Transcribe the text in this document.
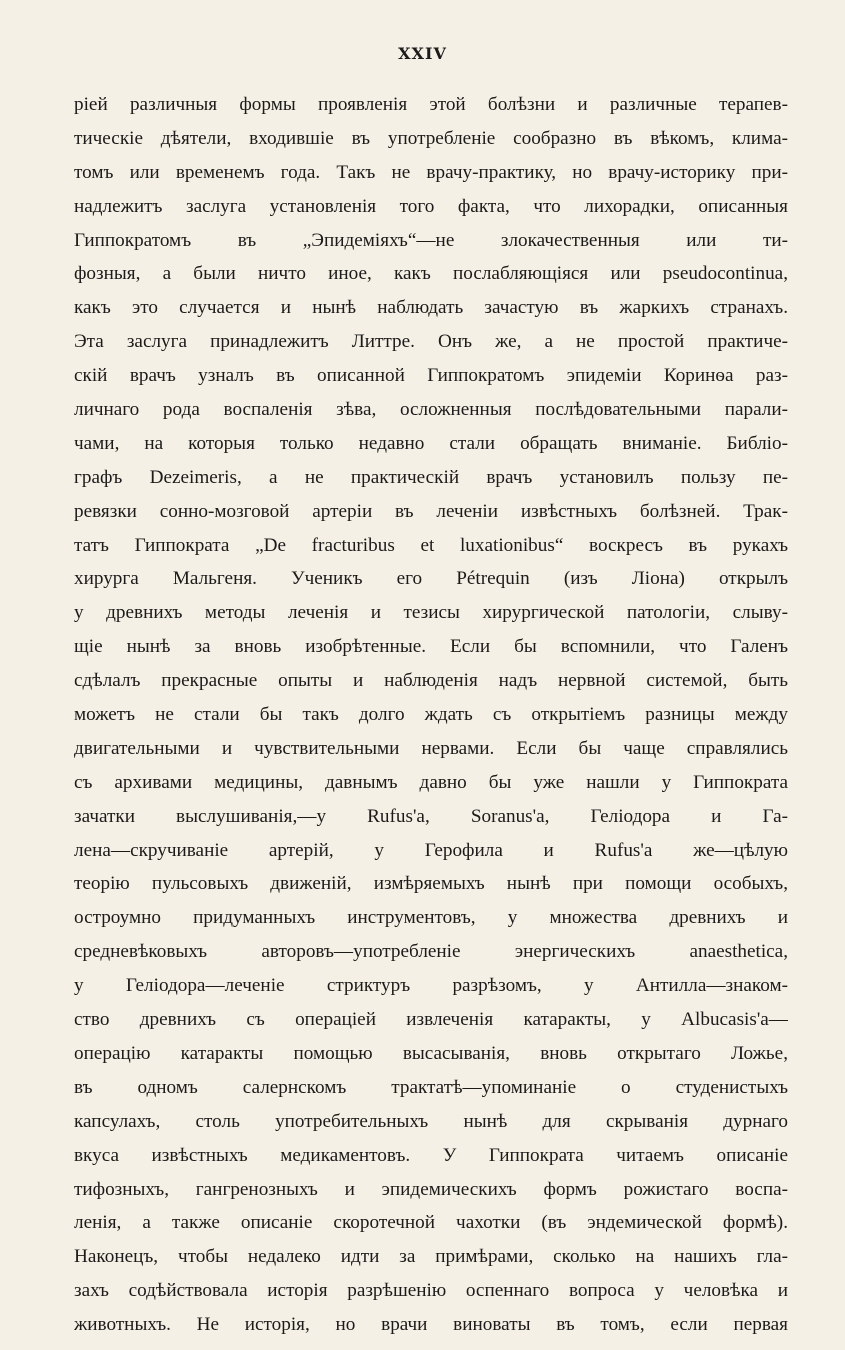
XXIV
ріей различныя формы проявленія этой болѣзни и различные терапев-
тическіе дѣятели, входившіе въ употребленіе сообразно въ вѣкомъ, клима-
томъ или временемъ года. Такъ не врачу-практику, но врачу-историку при-
надлежитъ заслуга установленія того факта, что лихорадки, описанныя
Гиппократомъ въ „Эпидеміяхъ“—не злокачественныя или ти-
фозныя, а были ничто иное, какъ послабляющіяся или pseudocontinua,
какъ это случается и нынѣ наблюдать зачастую въ жаркихъ странахъ.
Эта заслуга принадлежитъ Литтре. Онъ же, а не простой практиче-
скій врачъ узналъ въ описанной Гиппократомъ эпидеміи Коринѳа раз-
личнаго рода воспаленія зѣва, осложненныя послѣдовательными парали-
чами, на которыя только недавно стали обращать вниманіе. Библіо-
графъ Dezeimeris, а не практическій врачъ установилъ пользу пе-
ревязки сонно-мозговой артеріи въ леченіи извѣстныхъ болѣзней. Трак-
татъ Гиппократа „De fracturibus et luxationibus“ воскресъ въ рукахъ
хирурга Мальгеня. Ученикъ его Pétrequin (изъ Ліона) открылъ
у древнихъ методы леченія и тезисы хирургической патологіи, слыву-
щіе нынѣ за вновь изобрѣтенные. Если бы вспомнили, что Галенъ
сдѣлалъ прекрасные опыты и наблюденія надъ нервной системой, быть
можетъ не стали бы такъ долго ждать съ открытіемъ разницы между
двигательными и чувствительными нервами. Если бы чаще справлялись
съ архивами медицины, давнымъ давно бы уже нашли у Гиппократа
зачатки выслушиванія,—у Rufus'а, Soranus'а, Геліодора и Га-
лена—скручиваніе артерій, у Герофила и Rufus'а же—цѣлую
теорію пульсовыхъ движеній, измѣряемыхъ нынѣ при помощи особыхъ,
остроумно придуманныхъ инструментовъ, у множества древнихъ и
средневѣковыхъ авторовъ—употребленіе энергическихъ anaesthetica,
у Геліодора—леченіе стриктуръ разрѣзомъ, у Антилла—знаком-
ство древнихъ съ операціей извлеченія катаракты, у Albucasis'а—
операцію катаракты помощью высасыванія, вновь открытаго Ложье,
въ одномъ салернскомъ трактатѣ—упоминаніе о студенистыхъ
капсулахъ, столь употребительныхъ нынѣ для скрыванія дурнаго
вкуса извѣстныхъ медикаментовъ. У Гиппократа читаемъ описаніе
тифозныхъ, гангренозныхъ и эпидемическихъ формъ рожистаго воспа-
ленія, а также описаніе скоротечной чахотки (въ эндемической формѣ).
Наконецъ, чтобы недалеко идти за примѣрами, сколько на нашихъ гла-
захъ содѣйствовала исторія разрѣшенію оспеннаго вопроса у человѣка и
животныхъ. Не исторія, но врачи виноваты въ томъ, если первая
